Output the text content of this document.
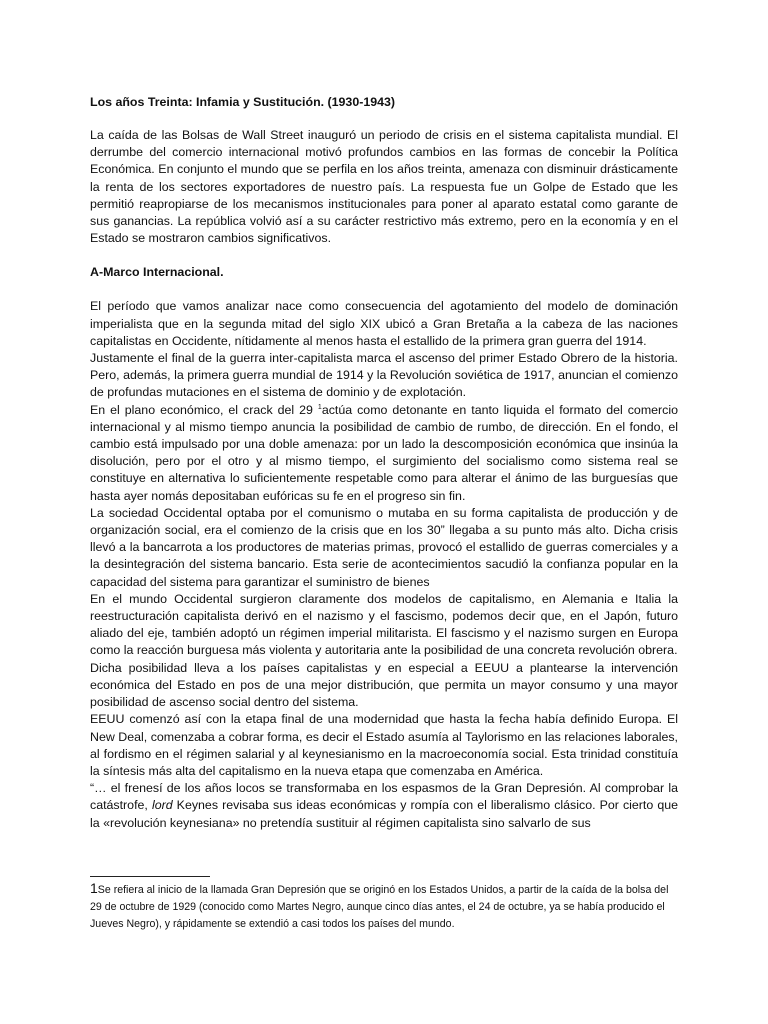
Los años Treinta: Infamia y Sustitución. (1930-1943)

La caída de las Bolsas de Wall Street inauguró un periodo de crisis en el sistema capitalista mundial. El derrumbe del comercio internacional motivó profundos cambios en las formas de concebir la Política Económica. En conjunto el mundo que se perfila en los años treinta, amenaza con disminuir drásticamente la renta de los sectores exportadores de nuestro país. La respuesta fue un Golpe de Estado que les permitió reapropiarse de los mecanismos institucionales para poner al aparato estatal como garante de sus ganancias. La república volvió así a su carácter restrictivo más extremo, pero en la economía y en el Estado se mostraron cambios significativos.

A-Marco Internacional.

El período que vamos analizar nace como consecuencia del agotamiento del modelo de dominación imperialista que en la segunda mitad del siglo XIX ubicó a Gran Bretaña a la cabeza de las naciones capitalistas en Occidente, nítidamente al menos hasta el estallido de la primera gran guerra del 1914.

Justamente el final de la guerra inter-capitalista marca el ascenso del primer Estado Obrero de la historia. Pero, además, la primera guerra mundial de 1914 y la Revolución soviética de 1917, anuncian el comienzo de profundas mutaciones en el sistema de dominio y de explotación.

En el plano económico, el crack del 29 $^1$actúa como detonante en tanto liquida el formato del comercio internacional y al mismo tiempo anuncia la posibilidad de cambio de rumbo, de dirección. En el fondo, el cambio está impulsado por una doble amenaza: por un lado la descomposición económica que insinúa la disolución, pero por el otro y al mismo tiempo, el surgimiento del socialismo como sistema real se constituye en alternativa lo suficientemente respetable como para alterar el ánimo de las burguesías que hasta ayer nomás depositaban eufóricas su fe en el progreso sin fin.

La sociedad Occidental optaba por el comunismo o mutaba en su forma capitalista de producción y de organización social, era el comienzo de la crisis que en los 30” llegaba a su punto más alto. Dicha crisis llevó a la bancarrota a los productores de materias primas, provocó el estallido de guerras comerciales y a la desintegración del sistema bancario. Esta serie de acontecimientos sacudió la confianza popular en la capacidad del sistema para garantizar el suministro de bienes

En el mundo Occidental surgieron claramente dos modelos de capitalismo, en Alemania e Italia la reestructuración capitalista derivó en el nazismo y el fascismo, podemos decir que, en el Japón, futuro aliado del eje, también adoptó un régimen imperial militarista. El fascismo y el nazismo surgen en Europa como la reacción burguesa más violenta y autoritaria ante la posibilidad de una concreta revolución obrera.

Dicha posibilidad lleva a los países capitalistas y en especial a EEUU a plantearse la intervención económica del Estado en pos de una mejor distribución, que permita un mayor consumo y una mayor posibilidad de ascenso social dentro del sistema.

EEUU comenzó así con la etapa final de una modernidad que hasta la fecha había definido Europa. El New Deal, comenzaba a cobrar forma, es decir el Estado asumía al Taylorismo en las relaciones laborales, al fordismo en el régimen salarial y al keynesianismo en la macroeconomía social. Esta trinidad constituía la síntesis más alta del capitalismo en la nueva etapa que comenzaba en América.

“… el frenesí de los años locos se transformaba en los espasmos de la Gran Depresión. Al comprobar la catástrofe, lord Keynes revisaba sus ideas económicas y rompía con el liberalismo clásico. Por cierto que la «revolución keynesiana» no pretendía sustituir al régimen capitalista sino salvarlo de sus

1Se refiera al inicio de la llamada Gran Depresión que se originó en los Estados Unidos, a partir de la caída de la bolsa del 29 de octubre de 1929 (conocido como Martes Negro, aunque cinco días antes, el 24 de octubre, ya se había producido el Jueves Negro), y rápidamente se extendió a casi todos los países del mundo.
